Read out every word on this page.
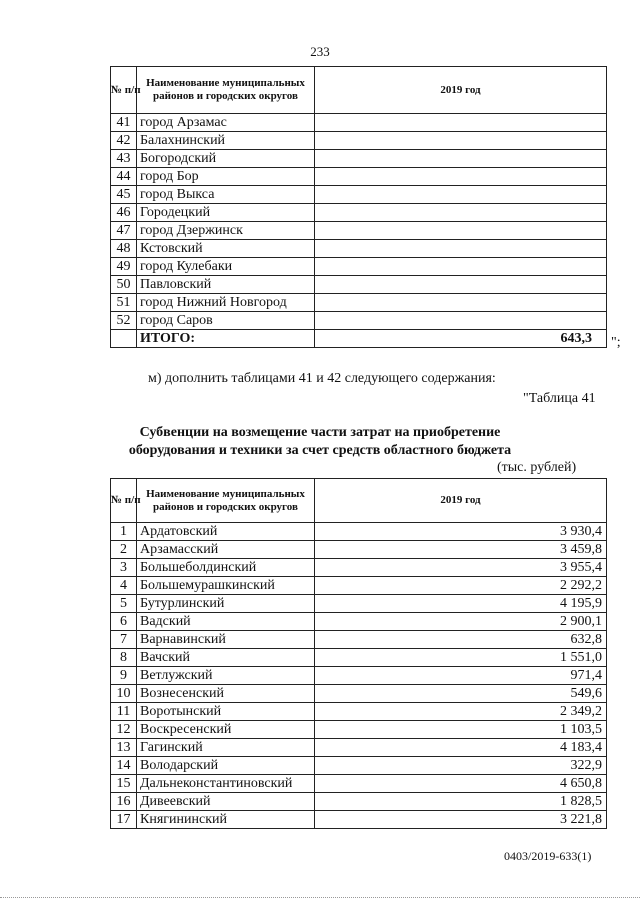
233
№ п/п	Наименование муниципальных районов и городских округов	2019 год
41	город Арзамас	
42	Балахнинский	
43	Богородский	
44	город Бор	
45	город Выкса	
46	Городецкий	
47	город Дзержинск	
48	Кстовский	
49	город Кулебаки	
50	Павловский	
51	город Нижний Новгород	
52	город Саров	
	ИТОГО:	643,3 ";
м) дополнить таблицами 41 и 42 следующего содержания:
"Таблица 41
Субвенции на возмещение части затрат на приобретение
оборудования и техники за счет средств областного бюджета
(тыс. рублей)
№ п/п	Наименование муниципальных районов и городских округов	2019 год
1	Ардатовский	3 930,4
2	Арзамасский	3 459,8
3	Большеболдинский	3 955,4
4	Большемурашкинский	2 292,2
5	Бутурлинский	4 195,9
6	Вадский	2 900,1
7	Варнавинский	632,8
8	Вачский	1 551,0
9	Ветлужский	971,4
10	Вознесенский	549,6
11	Воротынский	2 349,2
12	Воскресенский	1 103,5
13	Гагинский	4 183,4
14	Володарский	322,9
15	Дальнеконстантиновский	4 650,8
16	Дивеевский	1 828,5
17	Княгининский	3 221,8
0403/2019-633(1)
